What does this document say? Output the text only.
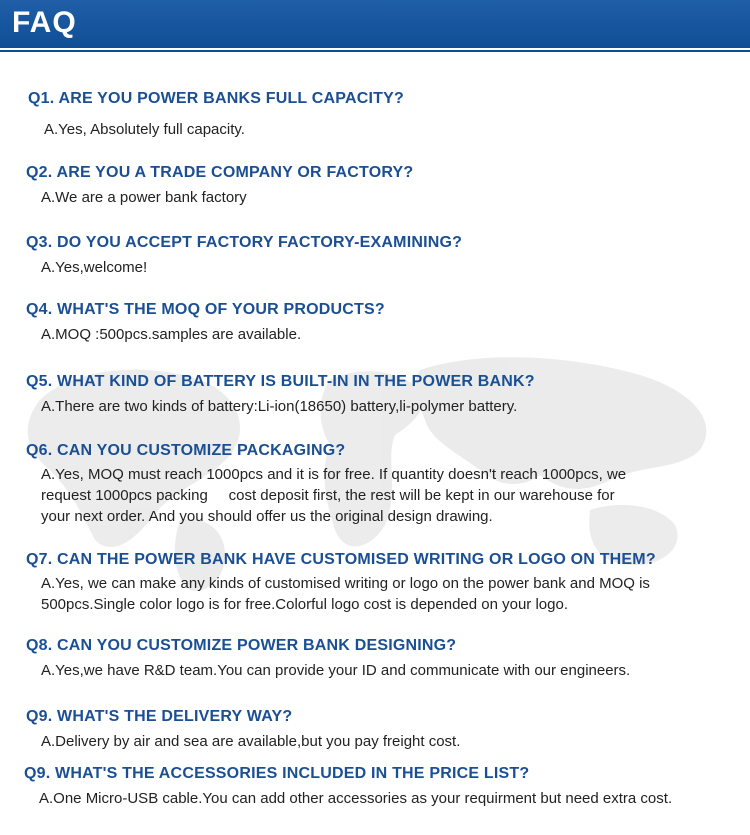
FAQ

Q1. ARE YOU POWER BANKS FULL CAPACITY?

A.Yes, Absolutely full capacity.

Q2. ARE YOU A TRADE COMPANY OR FACTORY?

A.We are a power bank factory

Q3. DO YOU ACCEPT FACTORY FACTORY-EXAMINING?

A.Yes,welcome!

Q4. WHAT'S THE MOQ OF YOUR PRODUCTS?

A.MOQ :500pcs.samples are available.

Q5. WHAT KIND OF BATTERY IS BUILT-IN IN THE POWER BANK?

A.There are two kinds of battery:Li-ion(18650) battery,li-polymer battery.

Q6. CAN YOU CUSTOMIZE PACKAGING?

A.Yes, MOQ must reach 1000pcs and it is for free. If quantity doesn't reach 1000pcs, we

request 1000pcs packing     cost deposit first, the rest will be kept in our warehouse for

your next order. And you should offer us the original design drawing.

Q7. CAN THE POWER BANK HAVE CUSTOMISED WRITING OR LOGO ON THEM?

A.Yes, we can make any kinds of customised writing or logo on the power bank and MOQ is

500pcs.Single color logo is for free.Colorful logo cost is depended on your logo.

Q8. CAN YOU CUSTOMIZE POWER BANK DESIGNING?

A.Yes,we have R&D team.You can provide your ID and communicate with our engineers.

Q9. WHAT'S THE DELIVERY WAY?

A.Delivery by air and sea are available,but you pay freight cost.

Q9. WHAT'S THE ACCESSORIES INCLUDED IN THE PRICE LIST?

A.One Micro-USB cable.You can add other accessories as your requirment but need extra cost.
